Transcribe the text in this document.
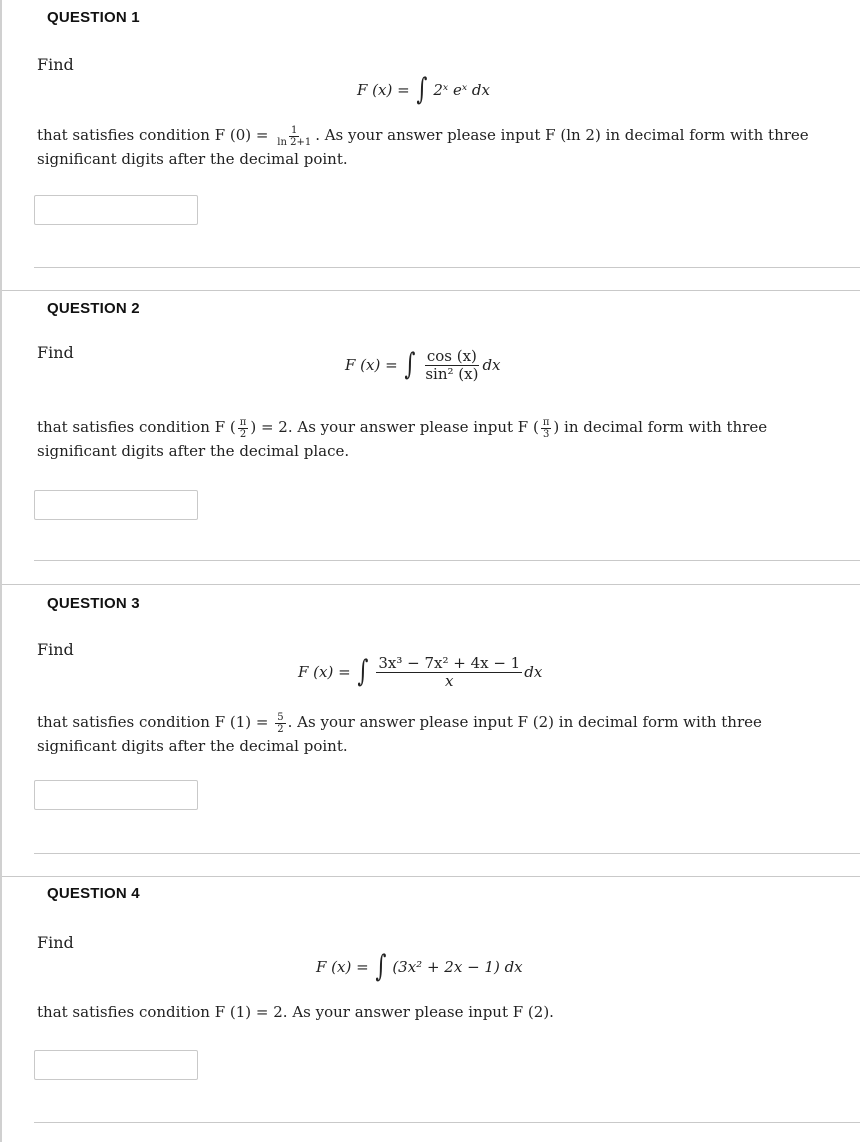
QUESTION 1
Find
F (x) = ∫ 2ˣ eˣ dx
that satisfies condition F $(0) = \frac{1}{\ln 2+1}$ . As your answer please input F (ln 2) in decimal form with three significant digits after the decimal point.
QUESTION 2
Find
F (x) = ∫ $\frac{\cos (x)}{\text{sin² (x)}}$ dx
that satisfies condition F ( $\frac{\pi}{2}$ ) = 2. As your answer please input F ( $\frac{\pi}{3}$ ) in decimal form with three significant digits after the decimal place.
QUESTION 3
Find
F (x) = ∫ $\frac{\text{3x³ − 7x² + 4x − 1}}{x}$ dx
that satisfies condition F $(1) = \frac{5}{2}$ . As your answer please input F (2) in decimal form with three significant digits after the decimal point.
QUESTION 4
Find
F (x) = ∫ (3x² + 2x − 1) dx
that satisfies condition F (1) = 2. As your answer please input F (2).
